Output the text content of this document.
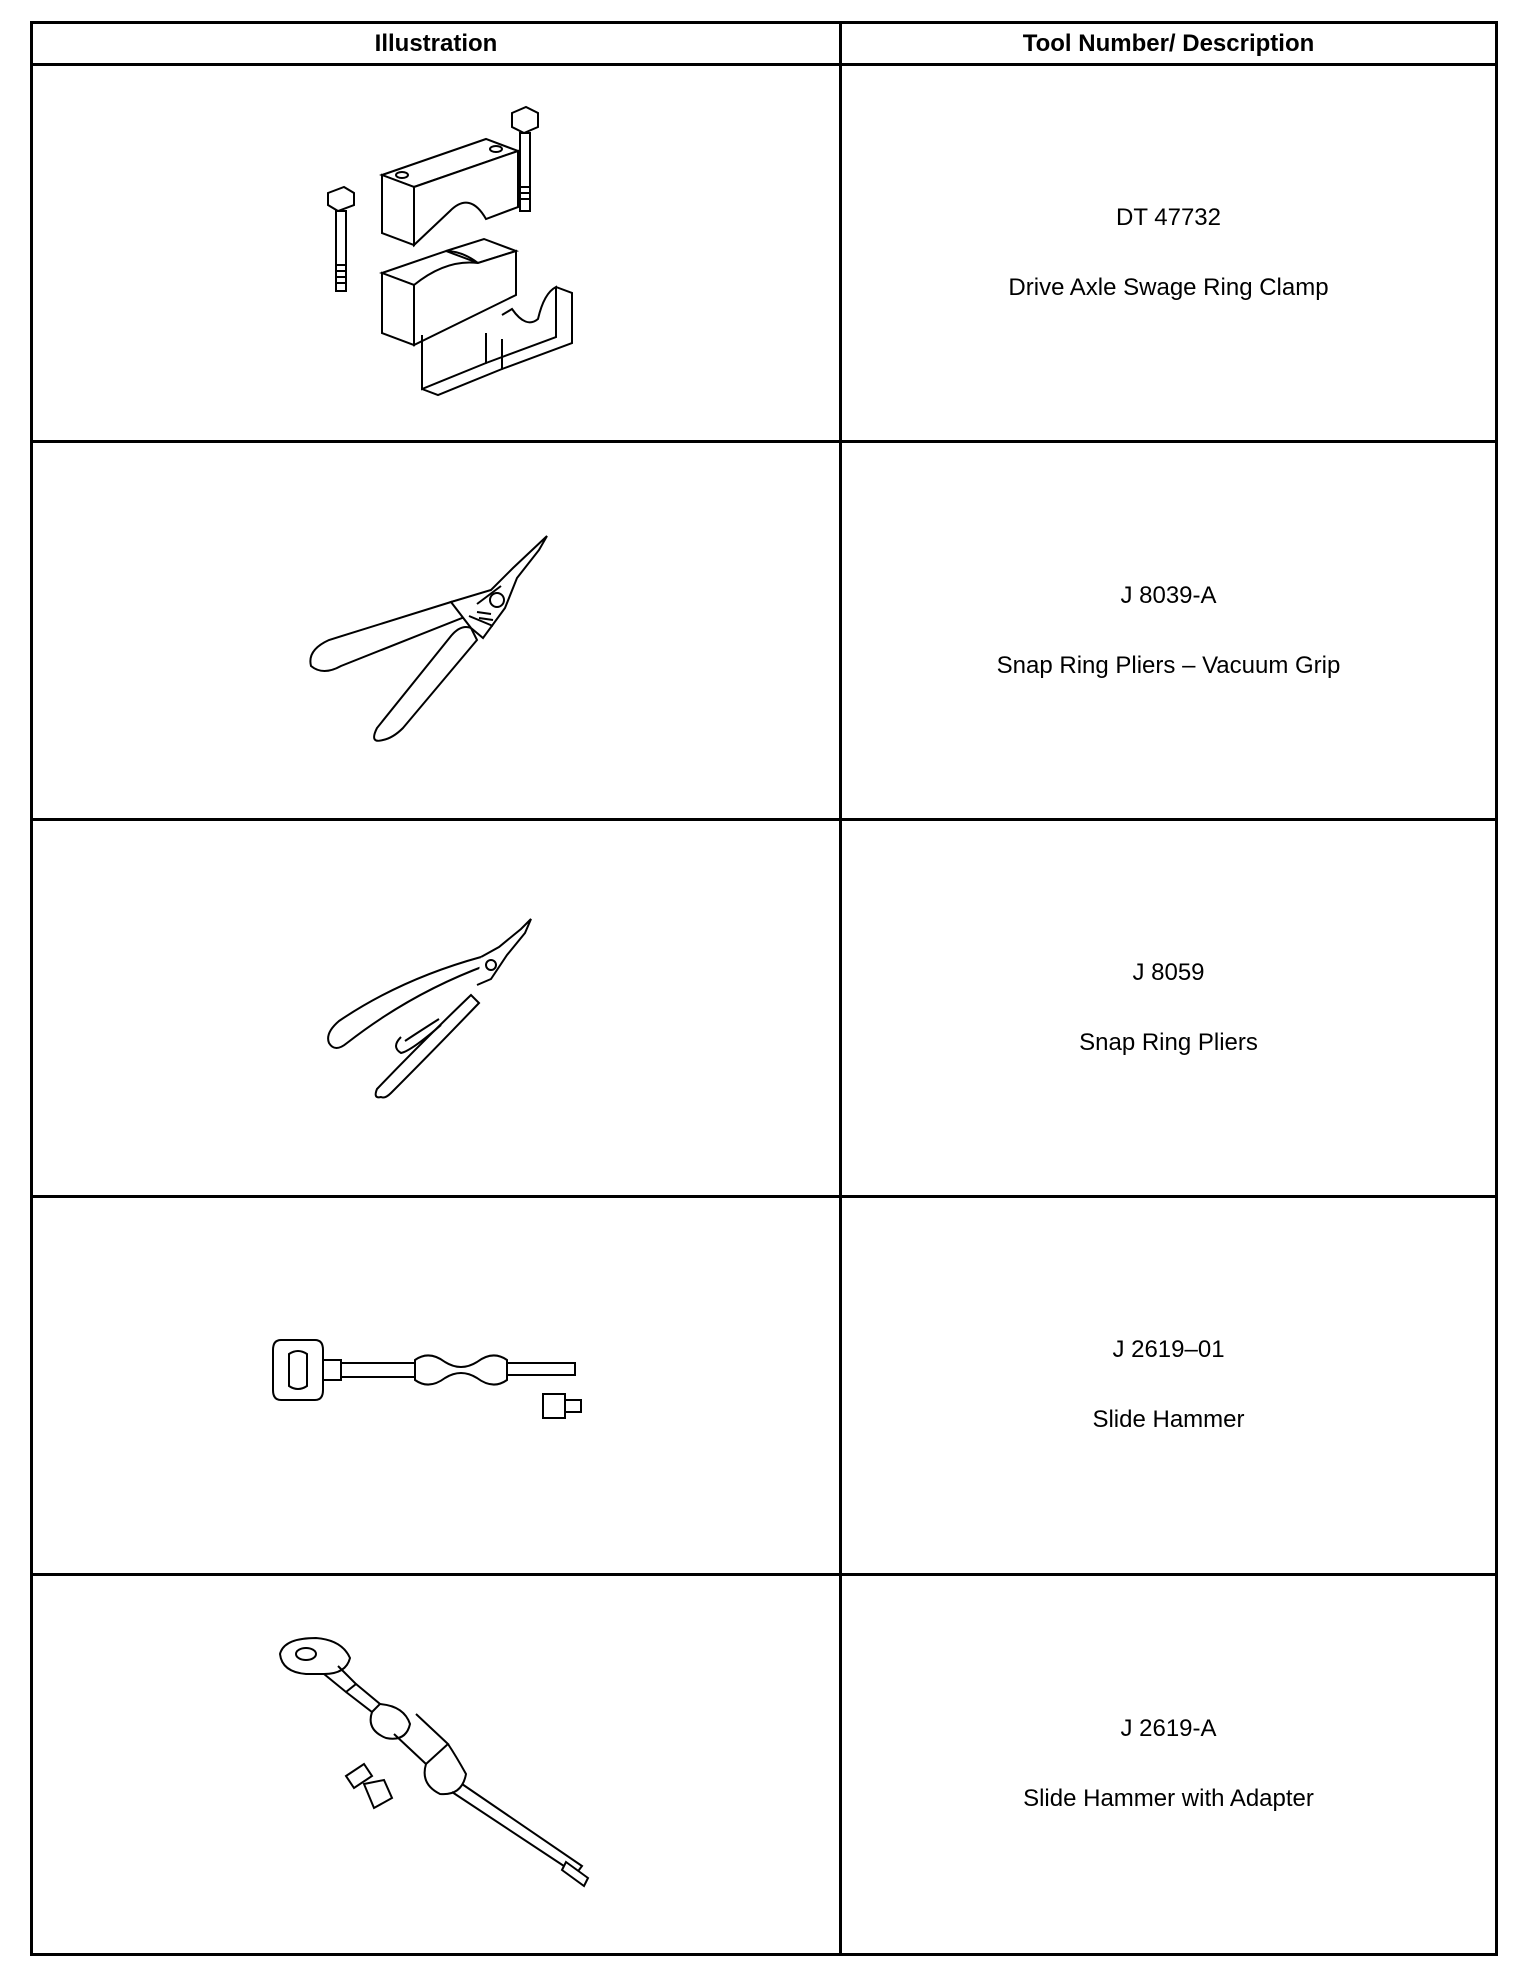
Illustration	Tool Number/ Description
DT 47732
Drive Axle Swage Ring Clamp
J 8039-A
Snap Ring Pliers – Vacuum Grip
J 8059
Snap Ring Pliers
J 2619–01
Slide Hammer
J 2619-A
Slide Hammer with Adapter
